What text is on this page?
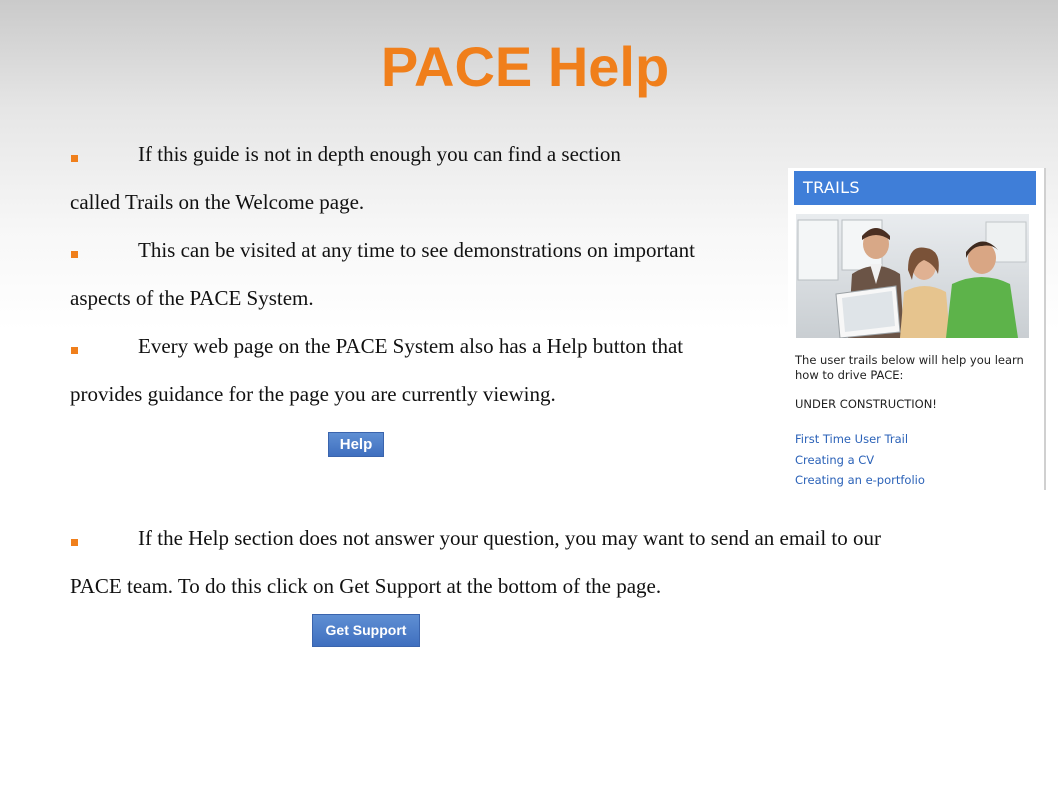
PACE Help
If this guide is not in depth enough you can find a section
called Trails on the Welcome page.
This can be visited at any time to see demonstrations on important
aspects of the PACE System.
Every web page on the PACE System also has a Help button that
provides guidance for the page you are currently viewing.
Help
If the Help section does not answer your question, you may want to send an email to our
PACE team. To do this click on Get Support at the bottom of the page.
Get Support
TRAILS
The user trails below will help you learn how to drive PACE:
UNDER CONSTRUCTION!
First Time User Trail
Creating a CV
Creating an e-portfolio
